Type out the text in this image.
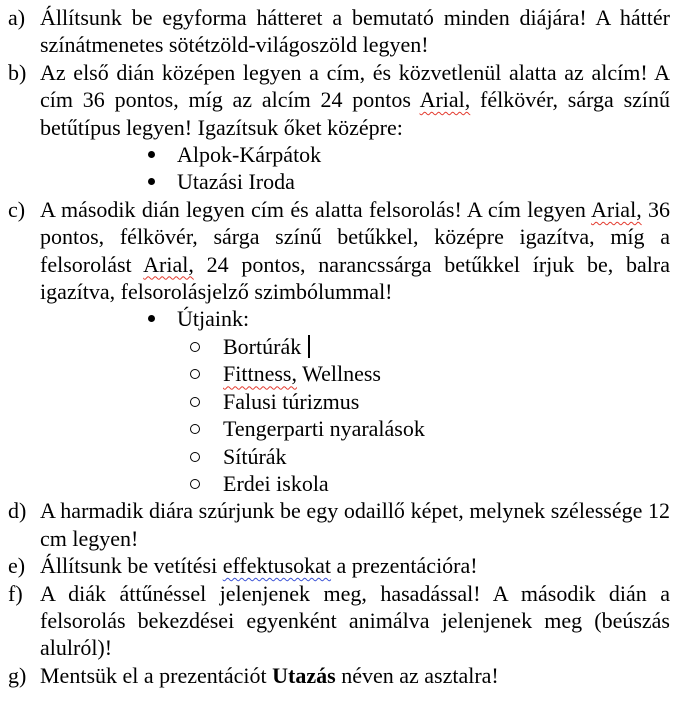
a) Állítsunk be egyforma hátteret a bemutató minden diájára! A háttér színátmenetes sötétzöld-világoszöld legyen!
b) Az első dián középen legyen a cím, és közvetlenül alatta az alcím! A cím 36 pontos, míg az alcím 24 pontos Arial, félkövér, sárga színű betűtípus legyen! Igazítsuk őket középre:
Alpok-Kárpátok
Utazási Iroda
c) A második dián legyen cím és alatta felsorolás! A cím legyen Arial, 36 pontos, félkövér, sárga színű betűkkel, középre igazítva, míg a felsorolást Arial, 24 pontos, narancssárga betűkkel írjuk be, balra igazítva, felsorolásjelző szimbólummal!
Útjaink:
Bortúrák
Fittness, Wellness
Falusi túrizmus
Tengerparti nyaralások
Sítúrák
Erdei iskola
d) A harmadik diára szúrjunk be egy odaillő képet, melynek szélessége 12 cm legyen!
e) Állítsunk be vetítési effektusokat a prezentációra!
f) A diák áttűnéssel jelenjenek meg, hasadással! A második dián a felsorolás bekezdései egyenként animálva jelenjenek meg (beúszás alulról)!
g) Mentsük el a prezentációt Utazás néven az asztalra!
